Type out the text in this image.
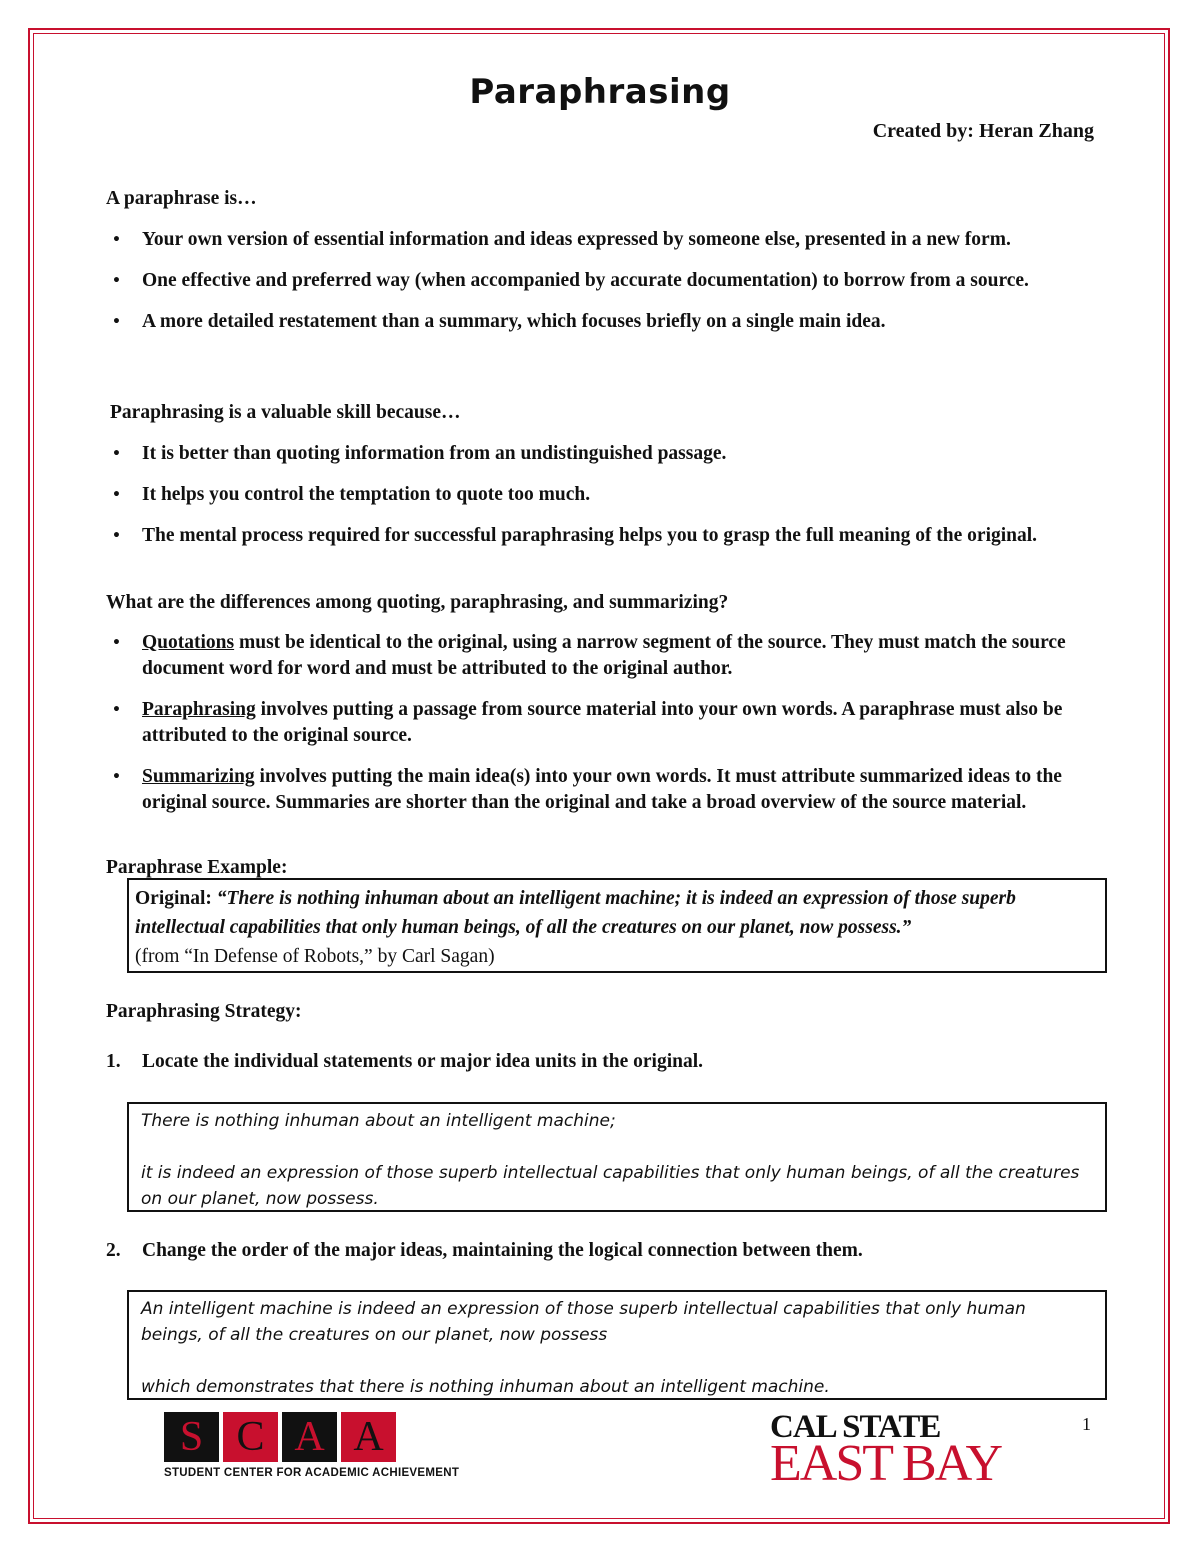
Paraphrasing
Created by: Heran Zhang
A paraphrase is…
• Your own version of essential information and ideas expressed by someone else, presented in a new form.
• One effective and preferred way (when accompanied by accurate documentation) to borrow from a source.
• A more detailed restatement than a summary, which focuses briefly on a single main idea.
Paraphrasing is a valuable skill because…
• It is better than quoting information from an undistinguished passage.
• It helps you control the temptation to quote too much.
• The mental process required for successful paraphrasing helps you to grasp the full meaning of the original.
What are the differences among quoting, paraphrasing, and summarizing?
• Quotations must be identical to the original, using a narrow segment of the source. They must match the source document word for word and must be attributed to the original author.
• Paraphrasing involves putting a passage from source material into your own words. A paraphrase must also be attributed to the original source.
• Summarizing involves putting the main idea(s) into your own words. It must attribute summarized ideas to the original source. Summaries are shorter than the original and take a broad overview of the source material.
Paraphrase Example:
Original: “There is nothing inhuman about an intelligent machine; it is indeed an expression of those superb intellectual capabilities that only human beings, of all the creatures on our planet, now possess.”
(from “In Defense of Robots,” by Carl Sagan)
Paraphrasing Strategy:
1. Locate the individual statements or major idea units in the original.

There is nothing inhuman about an intelligent machine;

it is indeed an expression of those superb intellectual capabilities that only human beings, of all the creatures on our planet, now possess.

2. Change the order of the major ideas, maintaining the logical connection between them.

An intelligent machine is indeed an expression of those superb intellectual capabilities that only human beings, of all the creatures on our planet, now possess

which demonstrates that there is nothing inhuman about an intelligent machine.

S C A A
STUDENT CENTER FOR ACADEMIC ACHIEVEMENT
CAL STATE
EAST BAY
1
